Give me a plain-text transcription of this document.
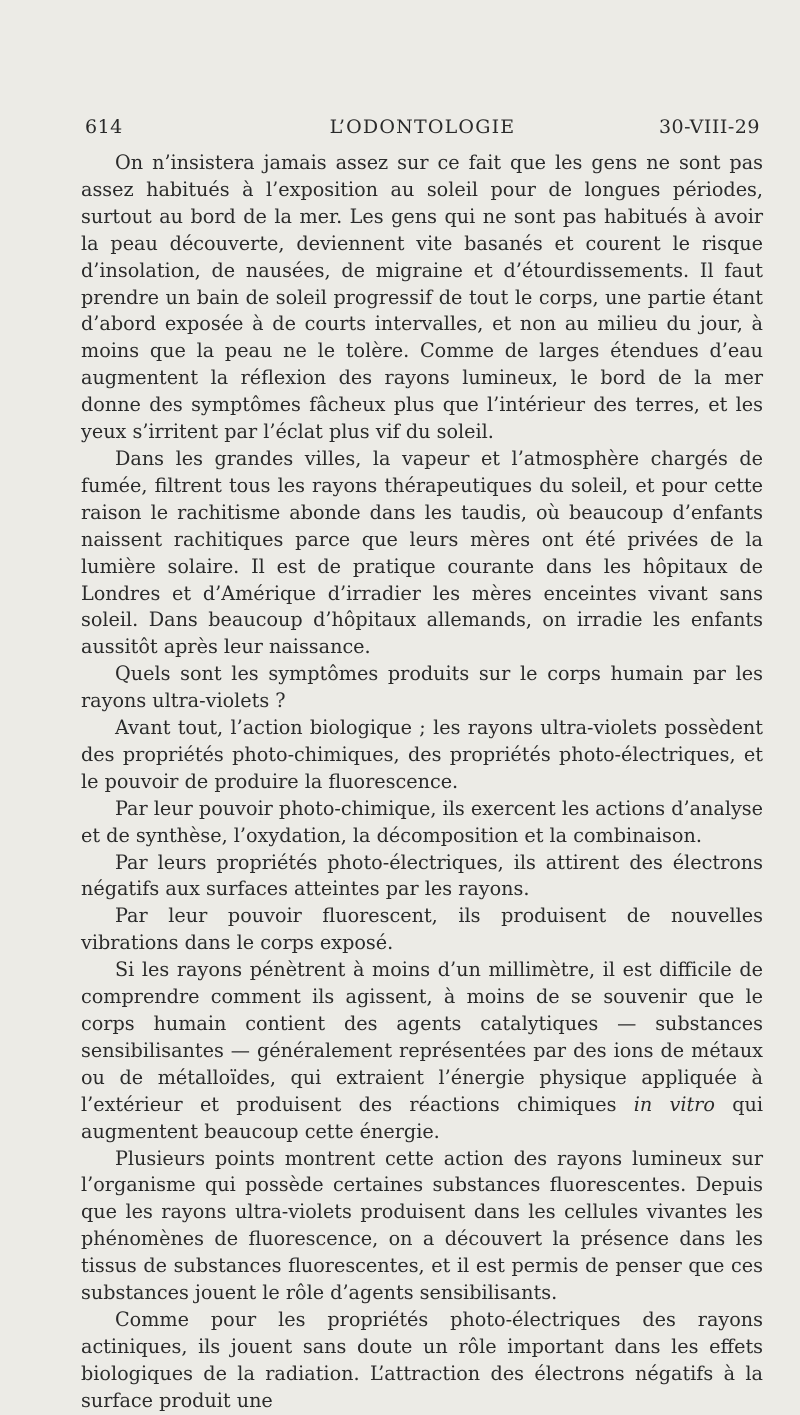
614	L’ODONTOLOGIE	30-VIII-29

On n’insistera jamais assez sur ce fait que les gens ne sont pas assez habitués à l’exposition au soleil pour de longues périodes, surtout au bord de la mer. Les gens qui ne sont pas habitués à avoir la peau découverte, deviennent vite basanés et courent le risque d’insolation, de nausées, de migraine et d’étourdissements. Il faut prendre un bain de soleil progressif de tout le corps, une partie étant d’abord exposée à de courts intervalles, et non au milieu du jour, à moins que la peau ne le tolère. Comme de larges étendues d’eau augmentent la réflexion des rayons lumineux, le bord de la mer donne des symptômes fâcheux plus que l’intérieur des terres, et les yeux s’irritent par l’éclat plus vif du soleil.

Dans les grandes villes, la vapeur et l’atmosphère chargés de fumée, filtrent tous les rayons thérapeutiques du soleil, et pour cette raison le rachitisme abonde dans les taudis, où beaucoup d’enfants naissent rachitiques parce que leurs mères ont été privées de la lumière solaire. Il est de pratique courante dans les hôpitaux de Londres et d’Amérique d’irradier les mères enceintes vivant sans soleil. Dans beaucoup d’hôpitaux allemands, on irradie les enfants aussitôt après leur naissance.

Quels sont les symptômes produits sur le corps humain par les rayons ultra-violets ?

Avant tout, l’action biologique ; les rayons ultra-violets possèdent des propriétés photo-chimiques, des propriétés photo-électriques, et le pouvoir de produire la fluorescence.

Par leur pouvoir photo-chimique, ils exercent les actions d’analyse et de synthèse, l’oxydation, la décomposition et la combinaison.

Par leurs propriétés photo-électriques, ils attirent des électrons négatifs aux surfaces atteintes par les rayons.

Par leur pouvoir fluorescent, ils produisent de nouvelles vibrations dans le corps exposé.

Si les rayons pénètrent à moins d’un millimètre, il est difficile de comprendre comment ils agissent, à moins de se souvenir que le corps humain contient des agents catalytiques — substances sensibilisantes — généralement représentées par des ions de métaux ou de métalloïdes, qui extraient l’énergie physique appliquée à l’extérieur et produisent des réactions chimiques in vitro qui augmentent beaucoup cette énergie.

Plusieurs points montrent cette action des rayons lumineux sur l’organisme qui possède certaines substances fluorescentes. Depuis que les rayons ultra-violets produisent dans les cellules vivantes les phénomènes de fluorescence, on a découvert la présence dans les tissus de substances fluorescentes, et il est permis de penser que ces substances jouent le rôle d’agents sensibilisants.

Comme pour les propriétés photo-électriques des rayons actiniques, ils jouent sans doute un rôle important dans les effets biologiques de la radiation. L’attraction des électrons négatifs à la surface produit une
